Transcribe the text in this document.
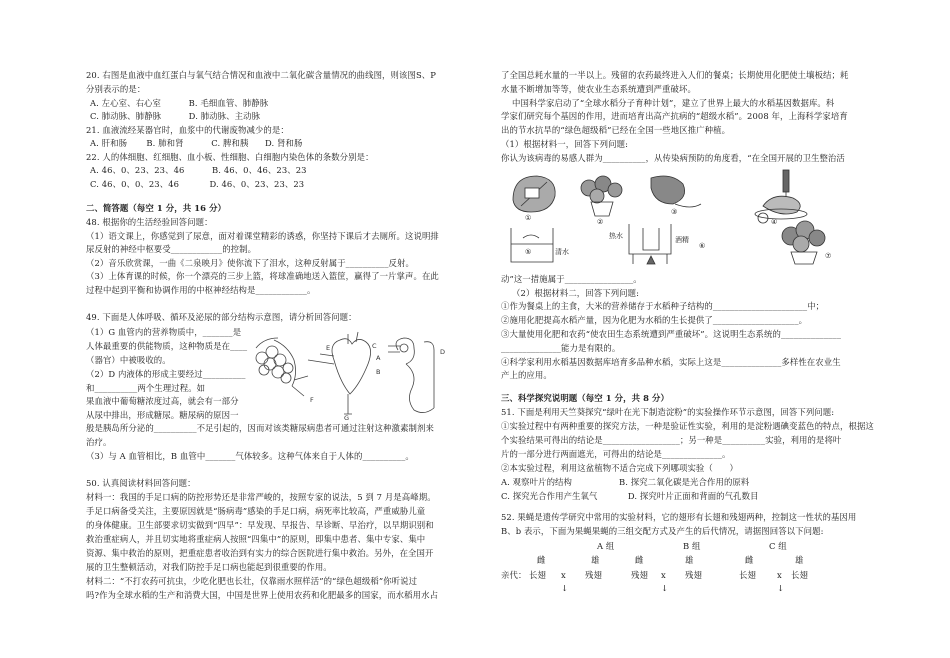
20. 右图是血液中血红蛋白与氧气结合情况和血液中二氧化碳含量情况的曲线图，则该图S、P
分别表示的是：
A. 左心室、右心室          B. 毛细血管、肺静脉
C. 肺动脉、肺静脉          D. 肺动脉、主动脉
21. 血液流经某器官时，血浆中的代谢废物减少的是：
A. 肝和肠       B. 肺和肾          C. 脾和胰      D. 肾和肠
22. 人的体细胞、红细胞、血小板、性细胞、白细胞内染色体的条数分别是：
A. 46、0、23、23、46          B. 46、0、46、23、23
C. 46、0、0、23、46           D. 46、0、23、23、23
二、简答题（每空 1 分，共 16 分）
48. 根据你的生活经验回答问题：
（1）语文课上，你感觉到了尿意，面对着课堂精彩的诱惑，你坚持下课后才去厕所。这说明排
尿反射的神经中枢要受____________的控制。
（2）音乐欣赏课，一曲《二泉映月》使你流下了泪水，这种反射属于__________反射。
（3）上体育课的时候，你一个漂亮的三步上篮，将球准确地送入篮筐，赢得了一片掌声。在此
过程中起到平衡和协调作用的中枢神经结构是____________。
49. 下面是人体呼吸、循环及泌尿的部分结构示意图，请分析回答问题：
（1）G 血管内的营养物质中，_______是
人体最重要的供能物质，这种物质是在____
（器官）中被吸收的。
（2）D 内液体的形成主要经过__________
和__________两个生理过程。如
果血液中葡萄糖浓度过高，就会有一部分
从尿中排出，形成糖尿。糖尿病的原因一
般是胰岛所分泌的__________不足引起的，因而对该类糖尿病患者可通过注射这种激素制剂来
治疗。
（3）与 A 血管相比，B 血管中_______气体较多。这种气体来自于人体的__________。
F
E
G
C
A
B
D
50. 认真阅读材料回答问题：
材料一：我国的手足口病的防控形势还是非常严峻的，按照专家的说法，5 到 7 月是高峰期。
手足口病备受关注，主要原因就是“肠病毒”感染的手足口病，病死率比较高，严重威胁儿童
的身体健康。卫生部要求切实做到“四早”：早发现、早报告、早诊断、早治疗，以早期识别和
救治重症病人，并且切实地将重症病人按照“四集中”的原则，即集中患者、集中专家、集中
资源、集中救治的原则，把重症患者收治到有实力的综合医院进行集中救治。另外，在全国开
展的卫生整顿活动，对我们防控手足口病也能起到很重要的作用。
材料二：“不打农药可抗虫，少吃化肥也长壮，仅靠雨水照样活”的“绿色超级稻”你听说过
吗?作为全球水稻的生产和消费大国，中国是世界上使用农药和化肥最多的国家，而水稻用水占
了全国总耗水量的一半以上。残留的农药最终进入人们的餐桌；长期使用化肥使土壤板结；耗
水量不断增加等等，使农业生态系统遭到严重破坏。
中国科学家启动了“全球水稻分子育种计划”，建立了世界上最大的水稻基因数据库。科
学家们研究每个基因的作用，进而培育出高产抗病的“超级水稻”。2008 年，上海科学家培育
出的节水抗旱的“绿色超级稻”已经在全国一些地区推广种植。
（1）根据材料一，回答下列问题:
你认为该病毒的易感人群为__________，从传染病预防的角度看，“在全国开展的卫生整治活
①	②
③
④
⑤	清水
热水	酒精
⑥
⑦
动”这一措施属于________________。
（2）根据材料二，回答下列问题:
①作为餐桌上的主食，大米的营养储存于水稻种子结构的______________________中；
②施用化肥提高水稻产量，因为化肥为水稻的生长提供了____________________。
③大量使用化肥和农药“使农田生态系统遭到严重破坏”。这说明生态系统的______________
______________能力是有限的。
④科学家利用水稻基因数据库培育多品种水稻，实际上这是______________多样性在农业生
产上的应用。
三、科学探究说明题（每空 1 分，共 8 分）
51. 下面是利用天竺葵探究“绿叶在光下制造淀粉”的实验操作环节示意图，回答下列问题:
①实验过程中有两种重要的探究方法，一种是验证性实验，利用的是淀粉遇碘变蓝色的特点，根据这
个实验结果可得出的结论是__________________；另一种是__________实验，利用的是将叶
片的一部分进行两面遮光，可得出的结论是______________。
②本实验过程，利用这盆植物不适合完成下列哪项实验（      ）
A. 观察叶片的结构                 B. 探究二氧化碳是光合作用的原料
C. 探究光合作用产生氧气           D. 探究叶片正面和背面的气孔数目
52. 果蝇是遗传学研究中常用的实验材料，它的翅形有长翅和残翅两种，控制这一性状的基因用
B、b 表示，下面为果蝇果蝇的三组交配方式及产生的后代情况，请据图回答以下问题:
A 组	B 组	C 组
雌	雄	雌	雄	雌	雄
亲代： 长翅 x 残翅	残翅 x 残翅	长翅	x 长翅
↓	↓	↓
